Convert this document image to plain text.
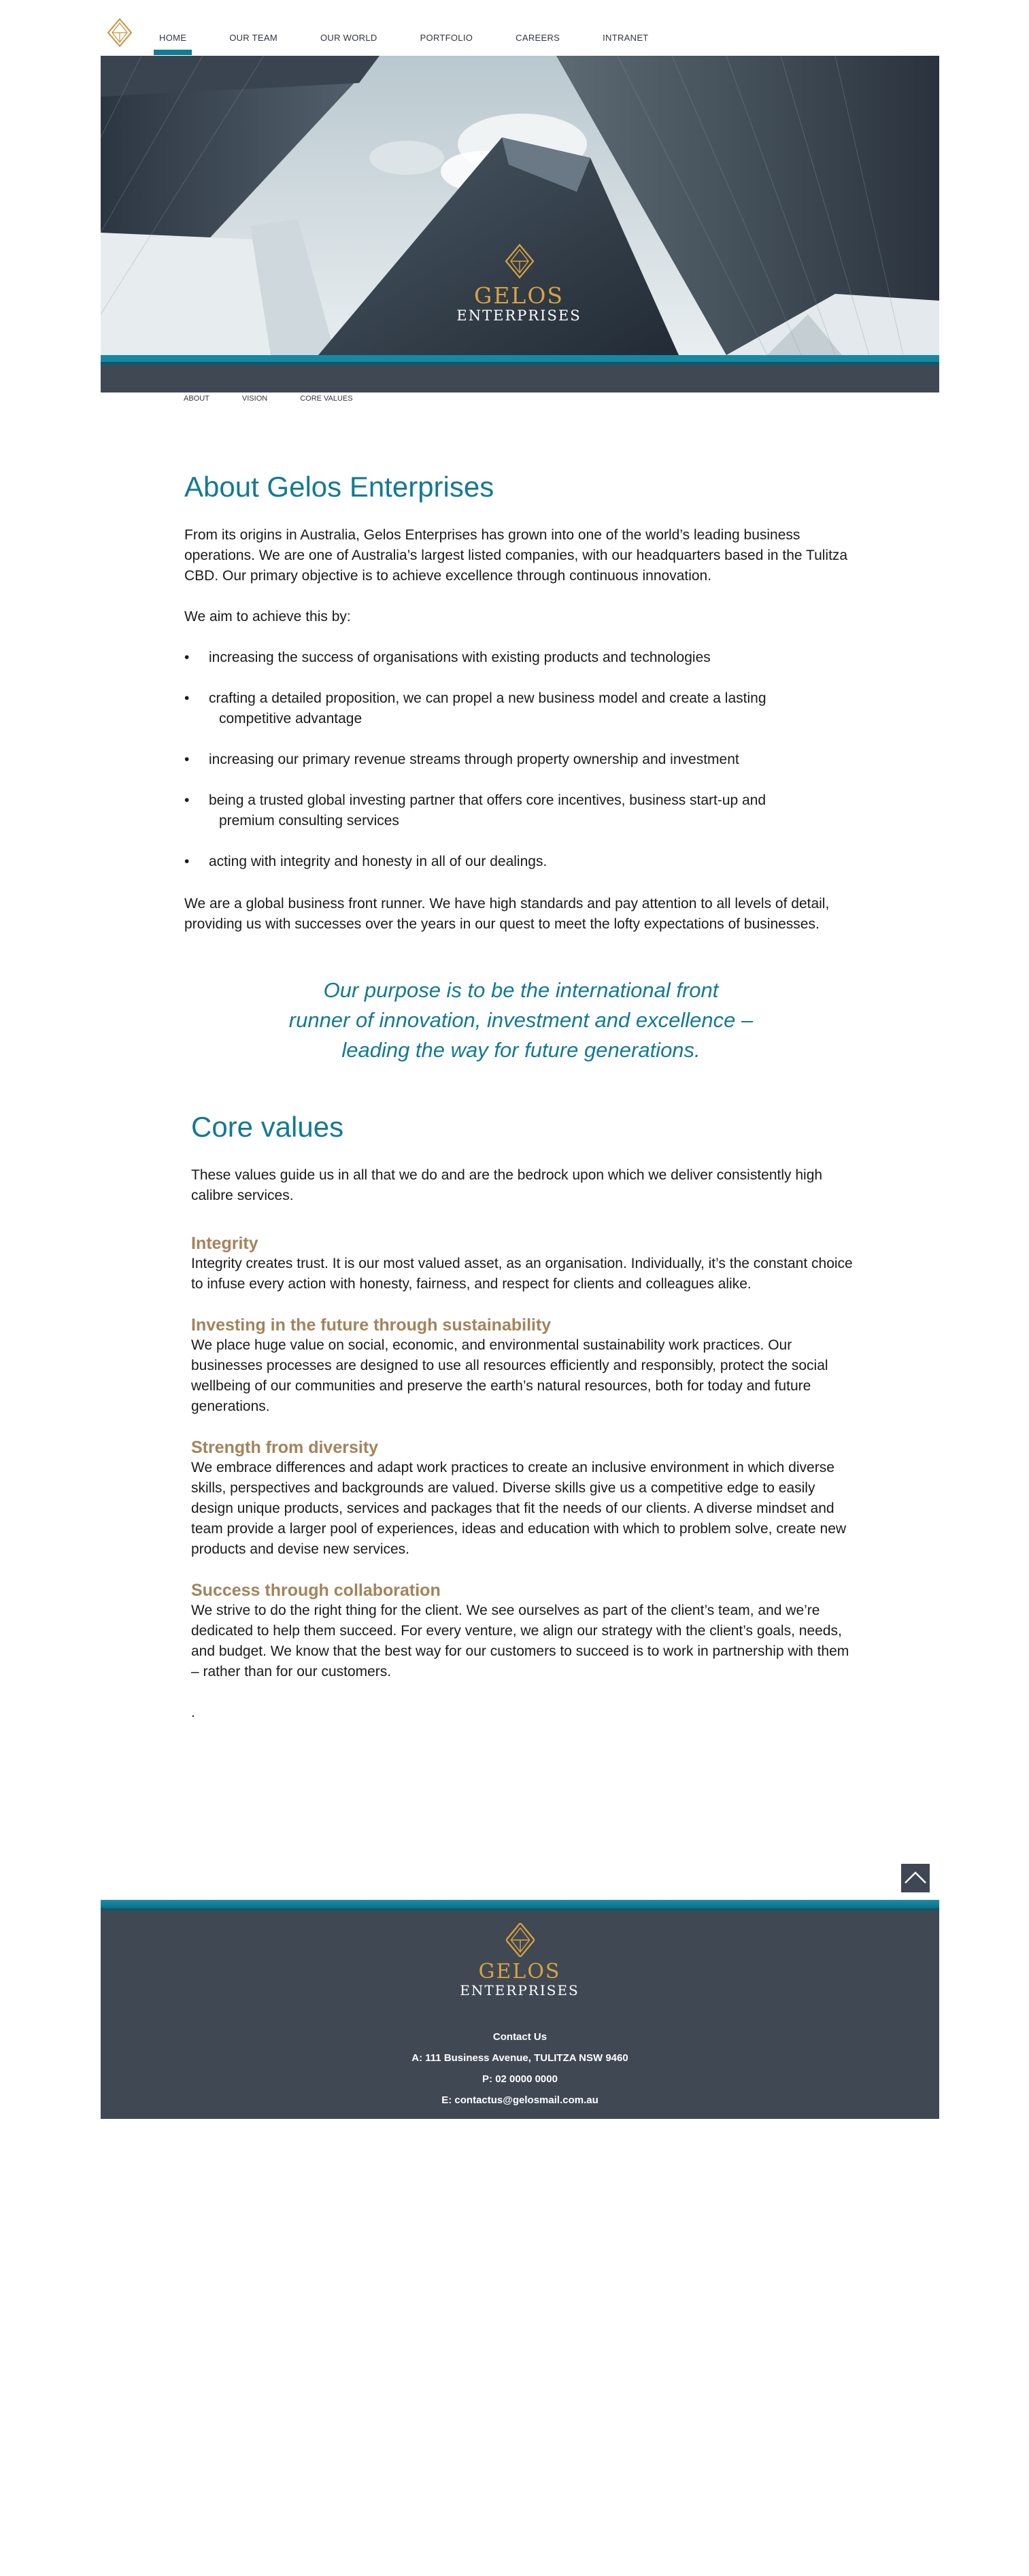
HOME	OUR TEAM	OUR WORLD	PORTFOLIO	CAREERS	INTRANET
GELOS
ENTERPRISES
ABOUT	VISION	CORE VALUES
About Gelos Enterprises

From its origins in Australia, Gelos Enterprises has grown into one of the world’s leading business operations. We are one of Australia’s largest listed companies, with our headquarters based in the Tulitza CBD. Our primary objective is to achieve excellence through continuous innovation.

We aim to achieve this by:

• increasing the success of organisations with existing products and technologies
• crafting a detailed proposition, we can propel a new business model and create a lasting
competitive advantage
• increasing our primary revenue streams through property ownership and investment
• being a trusted global investing partner that offers core incentives, business start-up and
premium consulting services
• acting with integrity and honesty in all of our dealings.

We are a global business front runner. We have high standards and pay attention to all levels of detail, providing us with successes over the years in our quest to meet the lofty expectations of businesses.

Our purpose is to be the international front
runner of innovation, investment and excellence –
leading the way for future generations.
Core values

These values guide us in all that we do and are the bedrock upon which we deliver consistently high calibre services.

Integrity

Integrity creates trust. It is our most valued asset, as an organisation. Individually, it’s the constant choice to infuse every action with honesty, fairness, and respect for clients and colleagues alike.

Investing in the future through sustainability

We place huge value on social, economic, and environmental sustainability work practices. Our businesses processes are designed to use all resources efficiently and responsibly, protect the social wellbeing of our communities and preserve the earth’s natural resources, both for today and future generations.

Strength from diversity

We embrace differences and adapt work practices to create an inclusive environment in which diverse skills, perspectives and backgrounds are valued. Diverse skills give us a competitive edge to easily design unique products, services and packages that fit the needs of our clients. A diverse mindset and team provide a larger pool of experiences, ideas and education with which to problem solve, create new products and devise new services.

Success through collaboration

We strive to do the right thing for the client. We see ourselves as part of the client’s team, and we’re dedicated to help them succeed. For every venture, we align our strategy with the client’s goals, needs, and budget. We know that the best way for our customers to succeed is to work in partnership with them – rather than for our customers.

.

GELOS
ENTERPRISES
Contact Us
A: 111 Business Avenue, TULITZA NSW 9460
P: 02 0000 0000
E: contactus@gelosmail.com.au
